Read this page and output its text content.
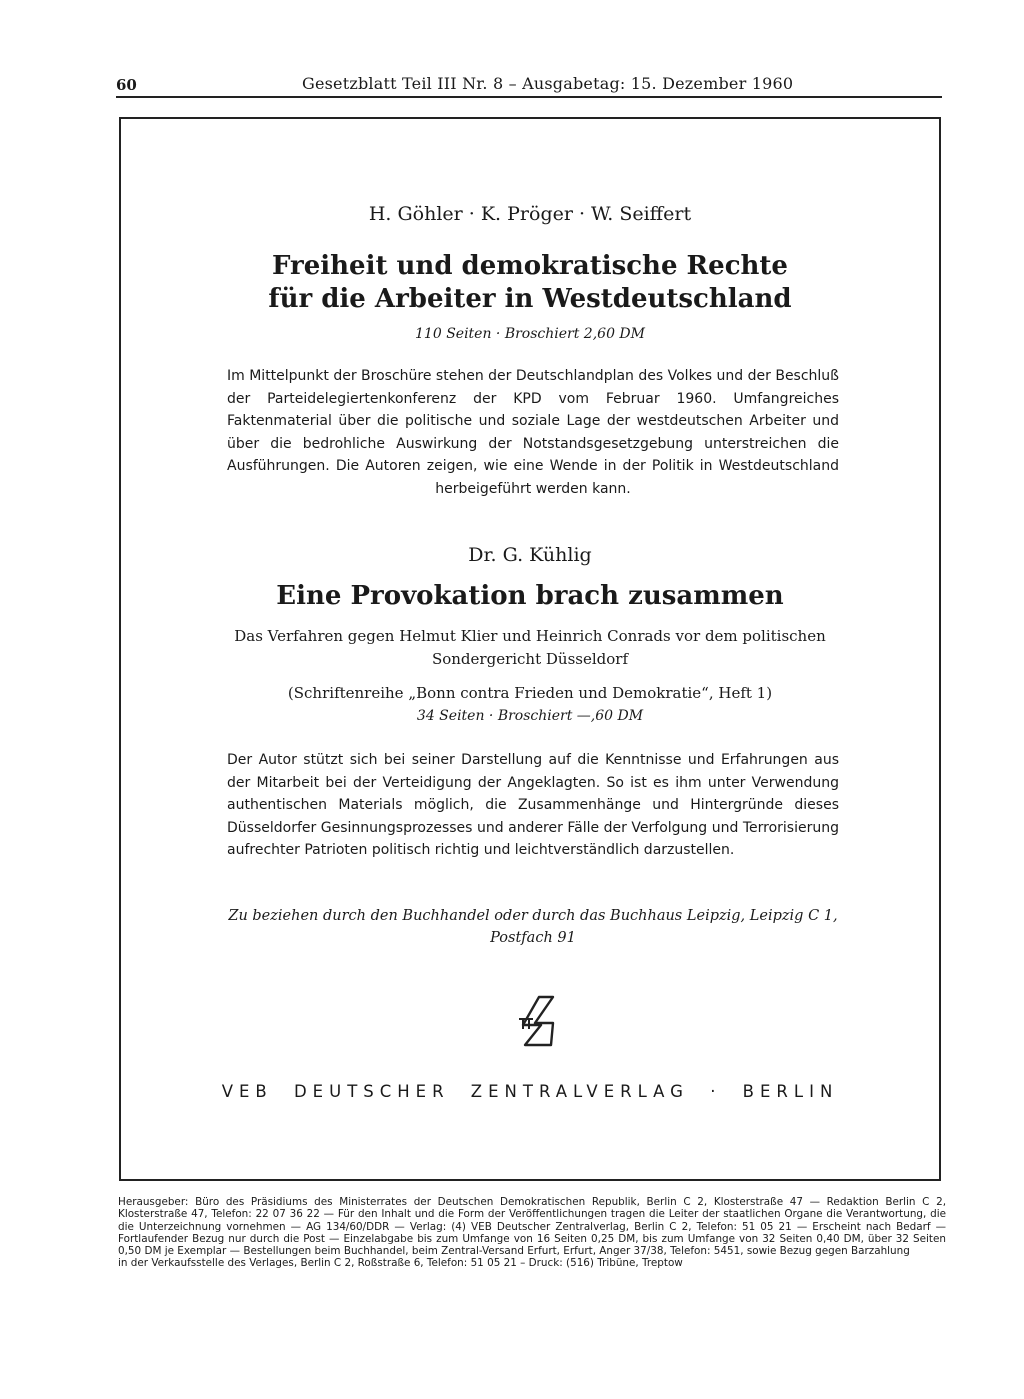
60	Gesetzblatt Teil III Nr. 8 – Ausgabetag: 15. Dezember 1960
H. Göhler · K. Pröger · W. Seiffert
Freiheit und demokratische Rechte
für die Arbeiter in Westdeutschland
110 Seiten · Broschiert 2,60 DM
Im Mittelpunkt der Broschüre stehen der Deutschlandplan des Volkes und der Beschluß der Parteidelegiertenkonferenz der KPD vom Februar 1960. Umfangreiches Faktenmaterial über die politische und soziale Lage der westdeutschen Arbeiter und über die bedrohliche Auswirkung der Notstandsgesetzgebung unterstreichen die Ausführungen. Die Autoren zeigen, wie eine Wende in der Politik in Westdeutschland herbeigeführt werden kann.
Dr. G. Kühlig
Eine Provokation brach zusammen
Das Verfahren gegen Helmut Klier und Heinrich Conrads vor dem politischen
Sondergericht Düsseldorf
(Schriftenreihe „Bonn contra Frieden und Demokratie“, Heft 1)
34 Seiten · Broschiert —,60 DM
Der Autor stützt sich bei seiner Darstellung auf die Kenntnisse und Erfahrungen aus der Mitarbeit bei der Verteidigung der Angeklagten. So ist es ihm unter Verwendung authentischen Materials möglich, die Zusammenhänge und Hintergründe dieses Düsseldorfer Gesinnungsprozesses und anderer Fälle der Verfolgung und Terrorisierung aufrechter Patrioten politisch richtig und leichtverständlich darzustellen.
Zu beziehen durch den Buchhandel oder durch das Buchhaus Leipzig, Leipzig C 1,
Postfach 91
VEB DEUTSCHER ZENTRALVERLAG · BERLIN
Herausgeber: Büro des Präsidiums des Ministerrates der Deutschen Demokratischen Republik, Berlin C 2, Klosterstraße 47 — Redaktion Berlin C 2, Klosterstraße 47, Telefon: 22 07 36 22 — Für den Inhalt und die Form der Veröffentlichungen tragen die Leiter der staatlichen Organe die Verantwortung, die die Unterzeichnung vornehmen — AG 134/60/DDR — Verlag: (4) VEB Deutscher Zentralverlag, Berlin C 2, Telefon: 51 05 21 — Erscheint nach Bedarf — Fortlaufender Bezug nur durch die Post — Einzelabgabe bis zum Umfange von 16 Seiten 0,25 DM, bis zum Umfange von 32 Seiten 0,40 DM, über 32 Seiten 0,50 DM je Exemplar — Bestellungen beim Buchhandel, beim Zentral-Versand Erfurt, Erfurt, Anger 37/38, Telefon: 5451, sowie Bezug gegen Barzahlung
in der Verkaufsstelle des Verlages, Berlin C 2, Roßstraße 6, Telefon: 51 05 21 – Druck: (516) Tribüne, Treptow
